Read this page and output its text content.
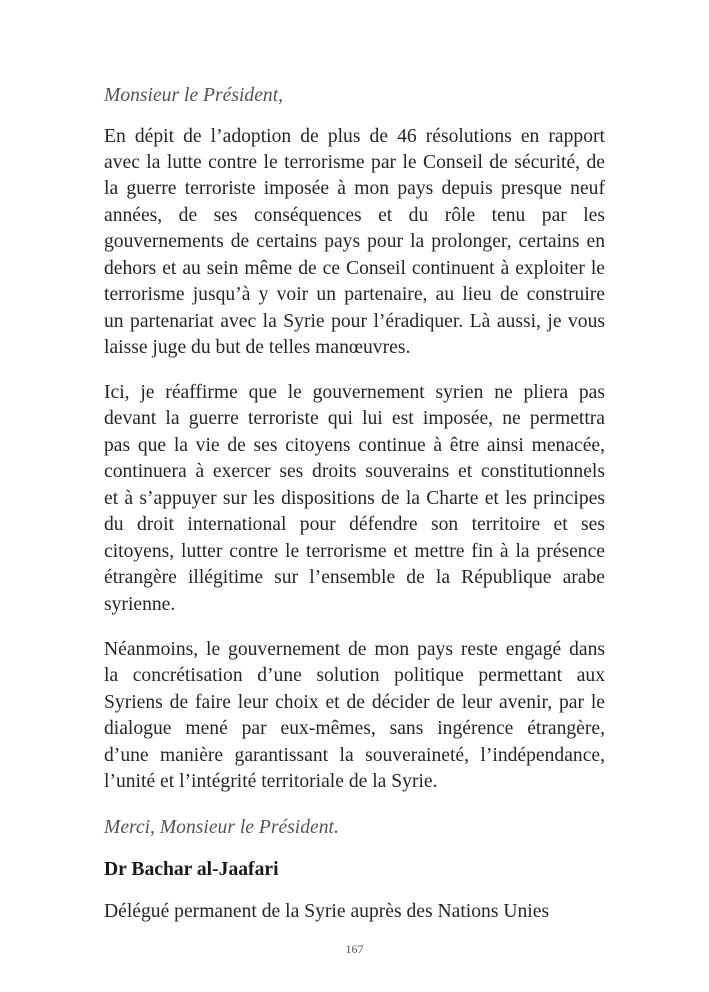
Monsieur le Président,
En dépit de l’adoption de plus de 46 résolutions en rapport
avec la lutte contre le terrorisme par le Conseil de sécurité, de
la guerre terroriste imposée à mon pays depuis presque neuf
années, de ses conséquences et du rôle tenu par les
gouvernements de certains pays pour la prolonger, certains en
dehors et au sein même de ce Conseil continuent à exploiter le
terrorisme jusqu’à y voir un partenaire, au lieu de construire
un partenariat avec la Syrie pour l’éradiquer. Là aussi, je vous
laisse juge du but de telles manœuvres.
Ici, je réaffirme que le gouvernement syrien ne pliera pas
devant la guerre terroriste qui lui est imposée, ne permettra
pas que la vie de ses citoyens continue à être ainsi menacée,
continuera à exercer ses droits souverains et constitutionnels
et à s’appuyer sur les dispositions de la Charte et les principes
du droit international pour défendre son territoire et ses
citoyens, lutter contre le terrorisme et mettre fin à la présence
étrangère illégitime sur l’ensemble de la République arabe
syrienne.
Néanmoins, le gouvernement de mon pays reste engagé dans
la concrétisation d’une solution politique permettant aux
Syriens de faire leur choix et de décider de leur avenir, par le
dialogue mené par eux-mêmes, sans ingérence étrangère,
d’une manière garantissant la souveraineté, l’indépendance,
l’unité et l’intégrité territoriale de la Syrie.
Merci, Monsieur le Président.
Dr Bachar al-Jaafari
Délégué permanent de la Syrie auprès des Nations Unies
167
